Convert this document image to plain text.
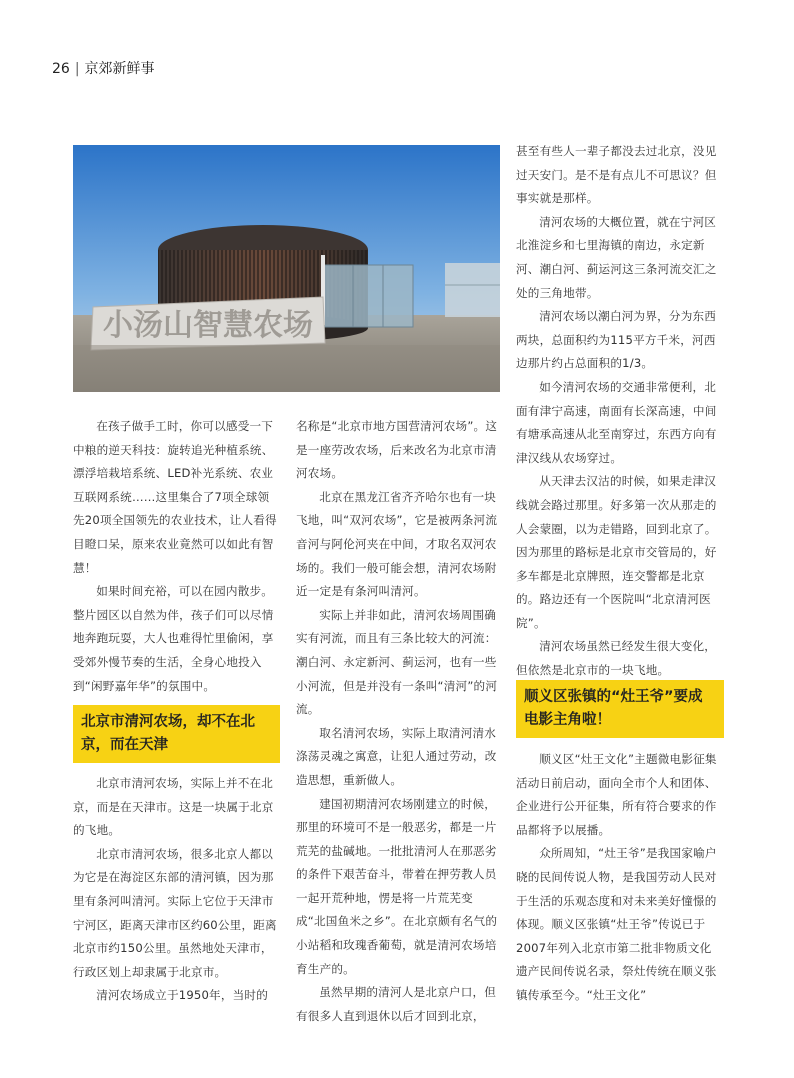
26 | 京郊新鲜事
小汤山智慧农场

在孩子做手工时，你可以感受一下中粮的逆天科技：旋转追光种植系统、漂浮培栽培系统、LED补光系统、农业互联网系统……这里集合了7项全球领先20项全国领先的农业技术，让人看得目瞪口呆，原来农业竟然可以如此有智慧！

如果时间充裕，可以在园内散步。整片园区以自然为伴，孩子们可以尽情地奔跑玩耍，大人也难得忙里偷闲，享受郊外慢节奏的生活，全身心地投入到“闲野嘉年华”的氛围中。

北京市清河农场，却不在北京，而在天津

北京市清河农场，实际上并不在北京，而是在天津市。这是一块属于北京的飞地。

北京市清河农场，很多北京人都以为它是在海淀区东部的清河镇，因为那里有条河叫清河。实际上它位于天津市宁河区，距离天津市区约60公里，距离北京市约150公里。虽然地处天津市，行政区划上却隶属于北京市。

清河农场成立于1950年，当时的

名称是“北京市地方国营清河农场”。这是一座劳改农场，后来改名为北京市清河农场。

北京在黑龙江省齐齐哈尔也有一块飞地，叫“双河农场”，它是被两条河流音河与阿伦河夹在中间，才取名双河农场的。我们一般可能会想，清河农场附近一定是有条河叫清河。

实际上并非如此，清河农场周围确实有河流，而且有三条比较大的河流：潮白河、永定新河、蓟运河，也有一些小河流，但是并没有一条叫“清河”的河流。

取名清河农场，实际上取清河清水涤荡灵魂之寓意，让犯人通过劳动，改造思想，重新做人。

建国初期清河农场刚建立的时候，那里的环境可不是一般恶劣，都是一片荒芜的盐碱地。一批批清河人在那恶劣的条件下艰苦奋斗，带着在押劳教人员一起开荒种地，愣是将一片荒芜变成“北国鱼米之乡”。在北京颇有名气的小站稻和玫瑰香葡萄，就是清河农场培育生产的。

虽然早期的清河人是北京户口，但有很多人直到退休以后才回到北京，

甚至有些人一辈子都没去过北京，没见过天安门。是不是有点儿不可思议？但事实就是那样。

清河农场的大概位置，就在宁河区北淮淀乡和七里海镇的南边，永定新河、潮白河、蓟运河这三条河流交汇之处的三角地带。

清河农场以潮白河为界，分为东西两块，总面积约为115平方千米，河西边那片约占总面积的1/3。

如今清河农场的交通非常便利，北面有津宁高速，南面有长深高速，中间有塘承高速从北至南穿过，东西方向有津汉线从农场穿过。

从天津去汉沽的时候，如果走津汉线就会路过那里。好多第一次从那走的人会蒙圈，以为走错路，回到北京了。因为那里的路标是北京市交管局的，好多车都是北京牌照，连交警都是北京的。路边还有一个医院叫“北京清河医院”。

清河农场虽然已经发生很大变化，但依然是北京市的一块飞地。

顺义区张镇的“灶王爷”要成电影主角啦！

顺义区“灶王文化”主题微电影征集活动日前启动，面向全市个人和团体、企业进行公开征集，所有符合要求的作品都将予以展播。

众所周知，“灶王爷”是我国家喻户晓的民间传说人物，是我国劳动人民对于生活的乐观态度和对未来美好憧憬的体现。顺义区张镇“灶王爷”传说已于2007年列入北京市第二批非物质文化遗产民间传说名录，祭灶传统在顺义张镇传承至今。“灶王文化”
